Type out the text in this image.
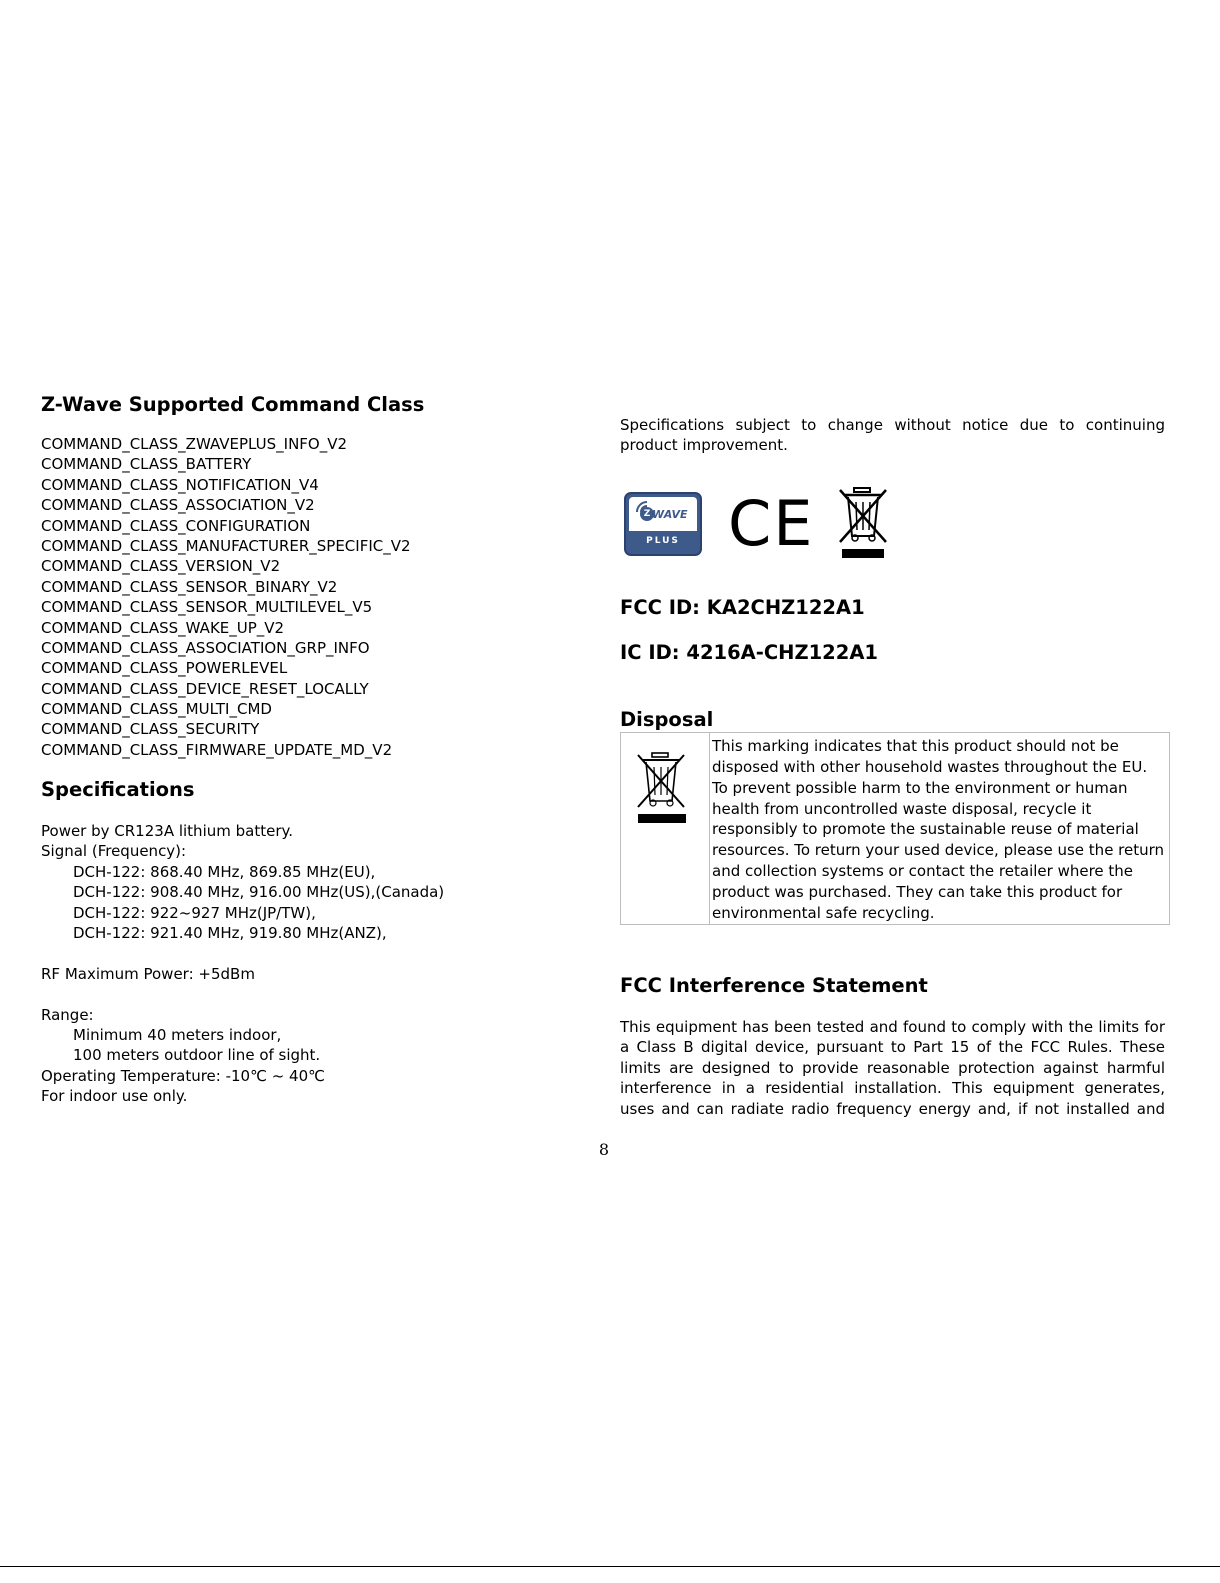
Z-Wave Supported Command Class
COMMAND_CLASS_ZWAVEPLUS_INFO_V2
COMMAND_CLASS_BATTERY
COMMAND_CLASS_NOTIFICATION_V4
COMMAND_CLASS_ASSOCIATION_V2
COMMAND_CLASS_CONFIGURATION
COMMAND_CLASS_MANUFACTURER_SPECIFIC_V2
COMMAND_CLASS_VERSION_V2
COMMAND_CLASS_SENSOR_BINARY_V2
COMMAND_CLASS_SENSOR_MULTILEVEL_V5
COMMAND_CLASS_WAKE_UP_V2
COMMAND_CLASS_ASSOCIATION_GRP_INFO
COMMAND_CLASS_POWERLEVEL
COMMAND_CLASS_DEVICE_RESET_LOCALLY
COMMAND_CLASS_MULTI_CMD
COMMAND_CLASS_SECURITY
COMMAND_CLASS_FIRMWARE_UPDATE_MD_V2
Specifications
Power by CR123A lithium battery.
Signal (Frequency):
DCH-122: 868.40 MHz, 869.85 MHz(EU),
DCH-122: 908.40 MHz, 916.00 MHz(US),(Canada)
DCH-122: 922~927 MHz(JP/TW),
DCH-122: 921.40 MHz, 919.80 MHz(ANZ),
RF Maximum Power: +5dBm
Range:
Minimum 40 meters indoor,
100 meters outdoor line of sight.
Operating Temperature: -10℃ ~ 40℃
For indoor use only.
Specifications subject to change without notice due to continuing product improvement.
Z WAVE
PLUS CE
FCC ID: KA2CHZ122A1
IC ID: 4216A-CHZ122A1
Disposal
	This marking indicates that this product should not be disposed with other household wastes throughout the EU. To prevent possible harm to the environment or human health from uncontrolled waste disposal, recycle it responsibly to promote the sustainable reuse of material resources. To return your used device, please use the return and collection systems or contact the retailer where the product was purchased. They can take this product for environmental safe recycling.
FCC Interference Statement
This equipment has been tested and found to comply with the limits for a Class B digital device, pursuant to Part 15 of the FCC Rules. These limits are designed to provide reasonable protection against harmful interference in a residential installation. This equipment generates, uses and can radiate radio frequency energy and, if not installed and
8
